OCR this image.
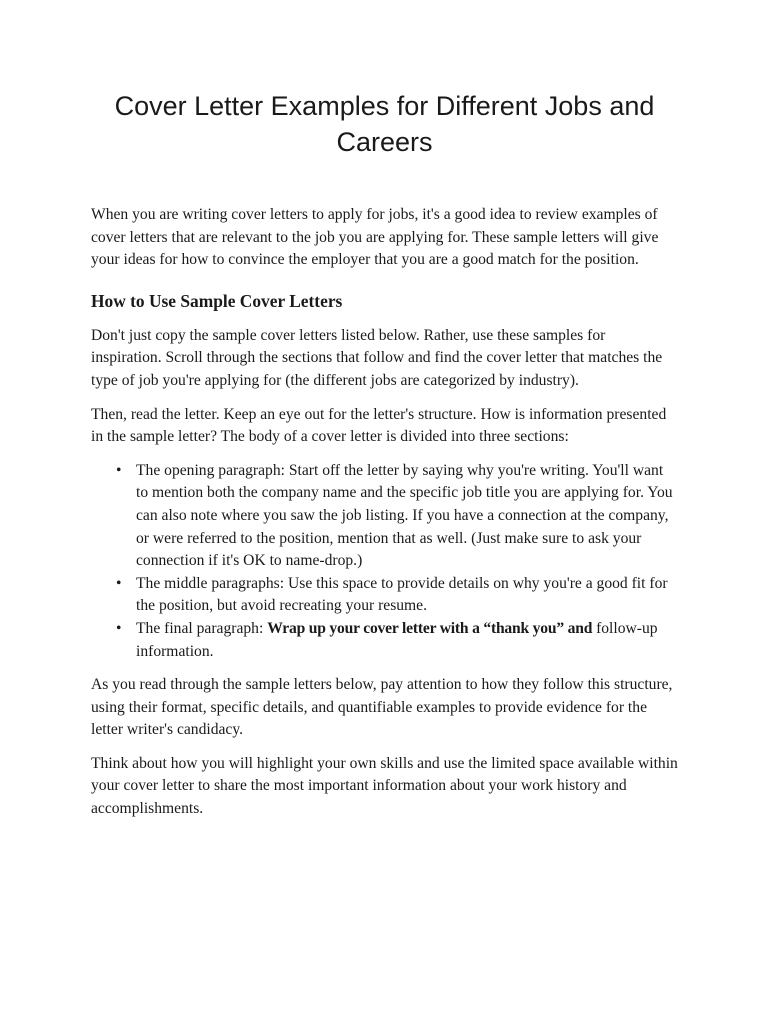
Cover Letter Examples for Different Jobs and Careers

When you are writing cover letters to apply for jobs, it's a good idea to review examples of cover letters that are relevant to the job you are applying for. These sample letters will give your ideas for how to convince the employer that you are a good match for the position.

How to Use Sample Cover Letters

Don't just copy the sample cover letters listed below. Rather, use these samples for inspiration. Scroll through the sections that follow and find the cover letter that matches the type of job you're applying for (the different jobs are categorized by industry).

Then, read the letter. Keep an eye out for the letter's structure. How is information presented in the sample letter? The body of a cover letter is divided into three sections:

• The opening paragraph: Start off the letter by saying why you're writing. You'll want to mention both the company name and the specific job title you are applying for. You can also note where you saw the job listing. If you have a connection at the company, or were referred to the position, mention that as well. (Just make sure to ask your connection if it's OK to name-drop.)
• The middle paragraphs: Use this space to provide details on why you're a good fit for the position, but avoid recreating your resume.
• The final paragraph: Wrap up your cover letter with a “thank you” and follow-up information.

As you read through the sample letters below, pay attention to how they follow this structure, using their format, specific details, and quantifiable examples to provide evidence for the letter writer's candidacy.

Think about how you will highlight your own skills and use the limited space available within your cover letter to share the most important information about your work history and accomplishments.
